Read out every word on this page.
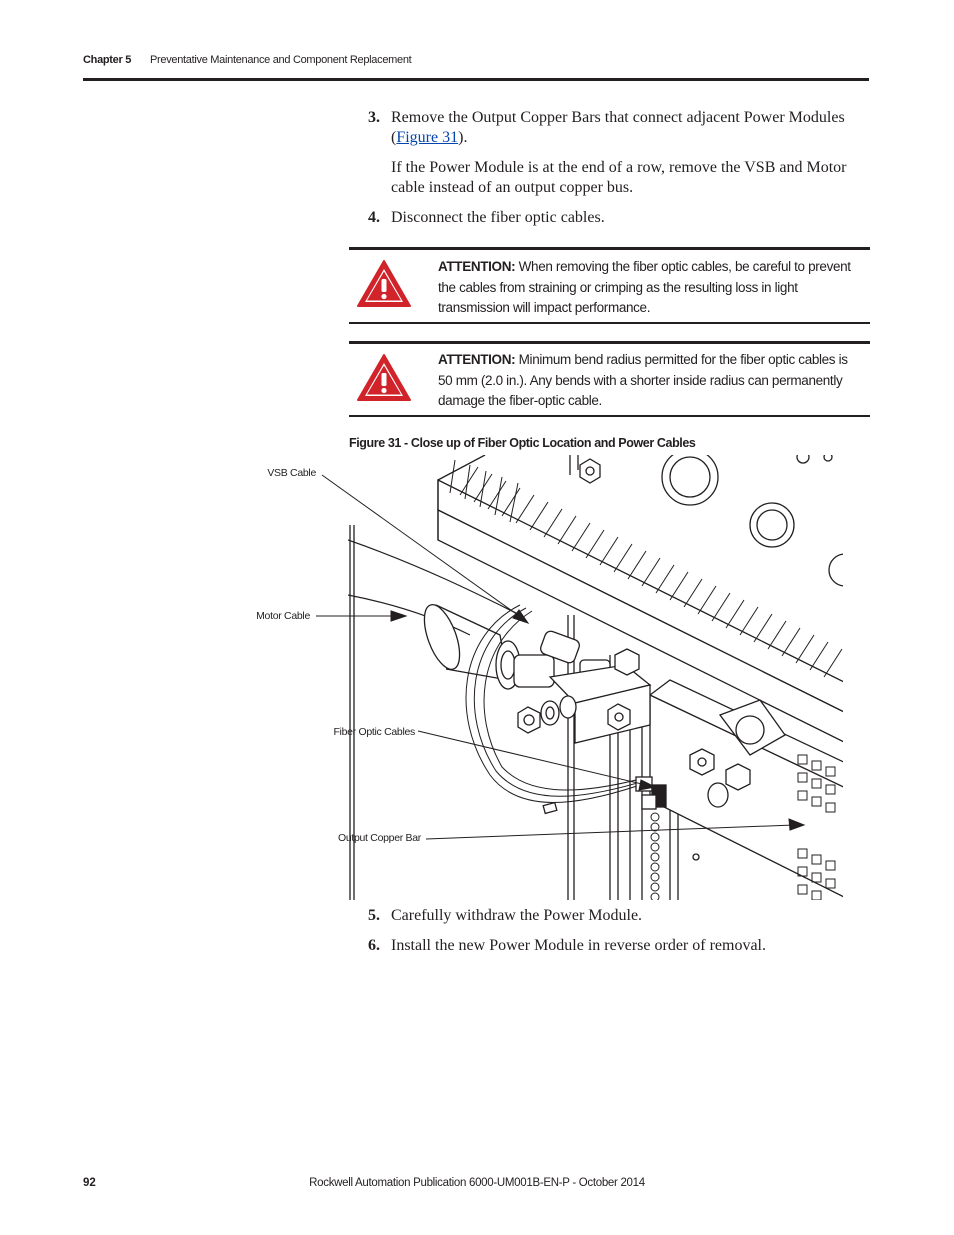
Chapter 5 Preventative Maintenance and Component Replacement
3. Remove the Output Copper Bars that connect adjacent Power Modules (Figure 31).
If the Power Module is at the end of a row, remove the VSB and Motor cable instead of an output copper bus.
4. Disconnect the fiber optic cables.
ATTENTION: When removing the fiber optic cables, be careful to prevent the cables from straining or crimping as the resulting loss in light transmission will impact performance.
ATTENTION: Minimum bend radius permitted for the fiber optic cables is 50 mm (2.0 in.). Any bends with a shorter inside radius can permanently damage the fiber-optic cable.
Figure 31 - Close up of Fiber Optic Location and Power Cables
VSB Cable
Motor Cable
Fiber Optic Cables
Output Copper Bar
5. Carefully withdraw the Power Module.
6. Install the new Power Module in reverse order of removal.
92	Rockwell Automation Publication 6000-UM001B-EN-P - October 2014
